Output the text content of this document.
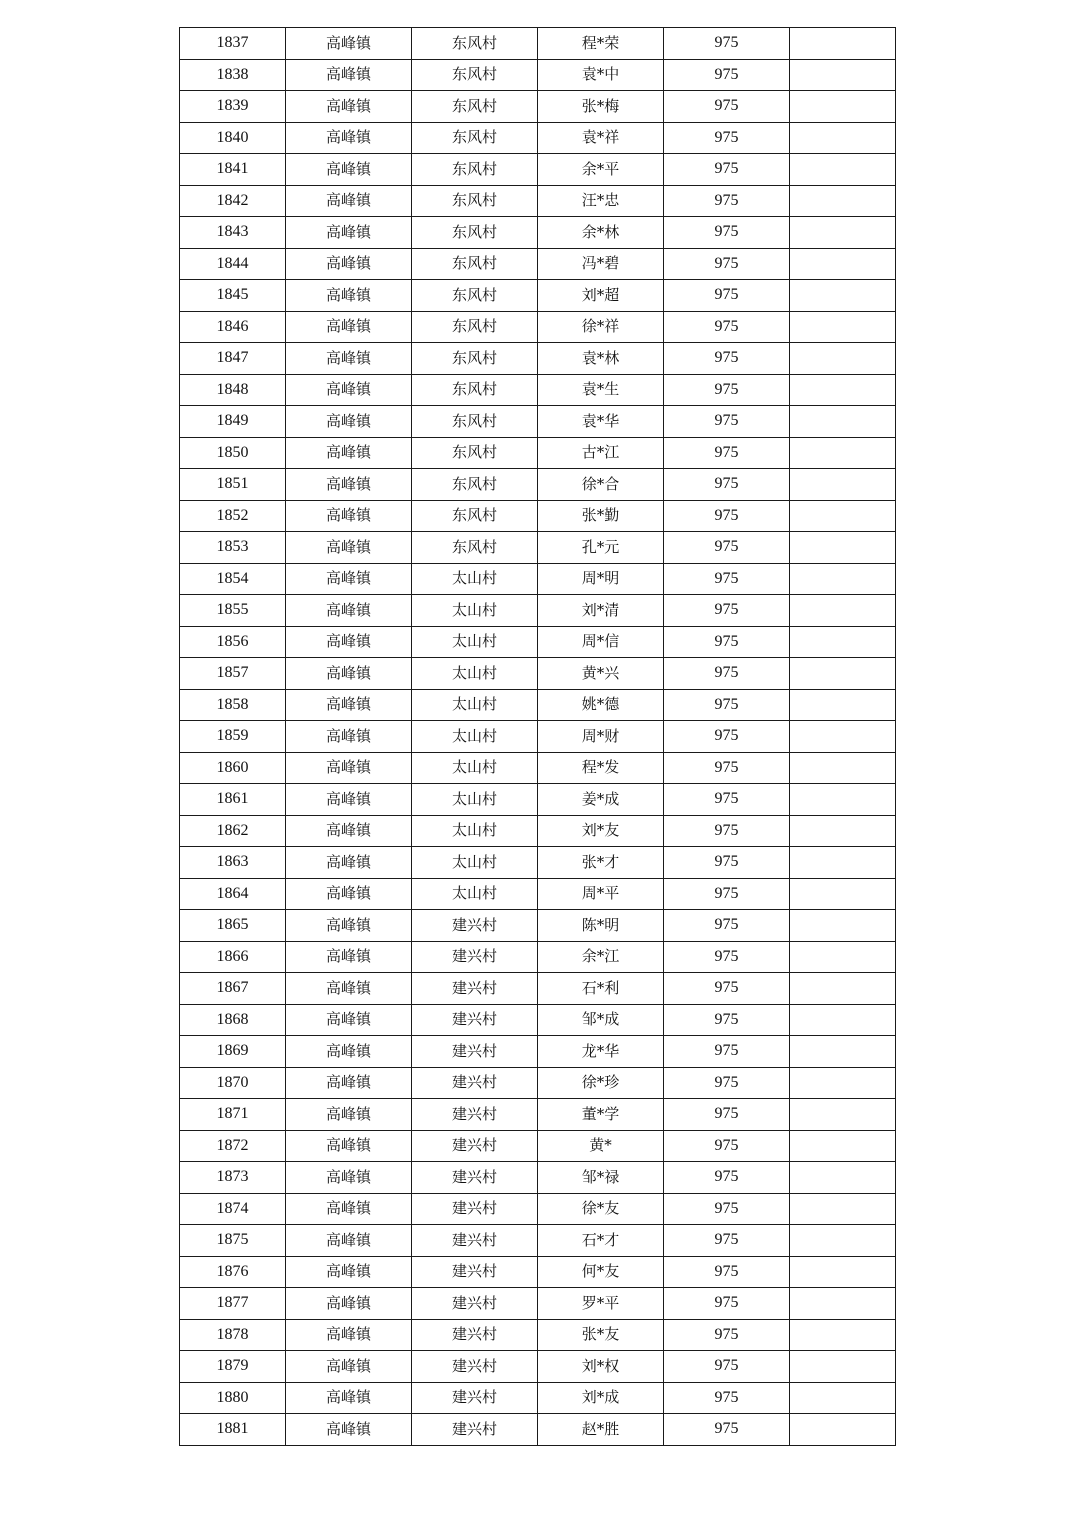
1837	高峰镇	东风村	程*荣	975	
1838	高峰镇	东风村	袁*中	975	
1839	高峰镇	东风村	张*梅	975	
1840	高峰镇	东风村	袁*祥	975	
1841	高峰镇	东风村	余*平	975	
1842	高峰镇	东风村	汪*忠	975	
1843	高峰镇	东风村	余*林	975	
1844	高峰镇	东风村	冯*碧	975	
1845	高峰镇	东风村	刘*超	975	
1846	高峰镇	东风村	徐*祥	975	
1847	高峰镇	东风村	袁*林	975	
1848	高峰镇	东风村	袁*生	975	
1849	高峰镇	东风村	袁*华	975	
1850	高峰镇	东风村	古*江	975	
1851	高峰镇	东风村	徐*合	975	
1852	高峰镇	东风村	张*勤	975	
1853	高峰镇	东风村	孔*元	975	
1854	高峰镇	太山村	周*明	975	
1855	高峰镇	太山村	刘*清	975	
1856	高峰镇	太山村	周*信	975	
1857	高峰镇	太山村	黄*兴	975	
1858	高峰镇	太山村	姚*德	975	
1859	高峰镇	太山村	周*财	975	
1860	高峰镇	太山村	程*发	975	
1861	高峰镇	太山村	姜*成	975	
1862	高峰镇	太山村	刘*友	975	
1863	高峰镇	太山村	张*才	975	
1864	高峰镇	太山村	周*平	975	
1865	高峰镇	建兴村	陈*明	975	
1866	高峰镇	建兴村	余*江	975	
1867	高峰镇	建兴村	石*利	975	
1868	高峰镇	建兴村	邹*成	975	
1869	高峰镇	建兴村	龙*华	975	
1870	高峰镇	建兴村	徐*珍	975	
1871	高峰镇	建兴村	董*学	975	
1872	高峰镇	建兴村	黄*	975	
1873	高峰镇	建兴村	邹*禄	975	
1874	高峰镇	建兴村	徐*友	975	
1875	高峰镇	建兴村	石*才	975	
1876	高峰镇	建兴村	何*友	975	
1877	高峰镇	建兴村	罗*平	975	
1878	高峰镇	建兴村	张*友	975	
1879	高峰镇	建兴村	刘*权	975	
1880	高峰镇	建兴村	刘*成	975	
1881	高峰镇	建兴村	赵*胜	975	
